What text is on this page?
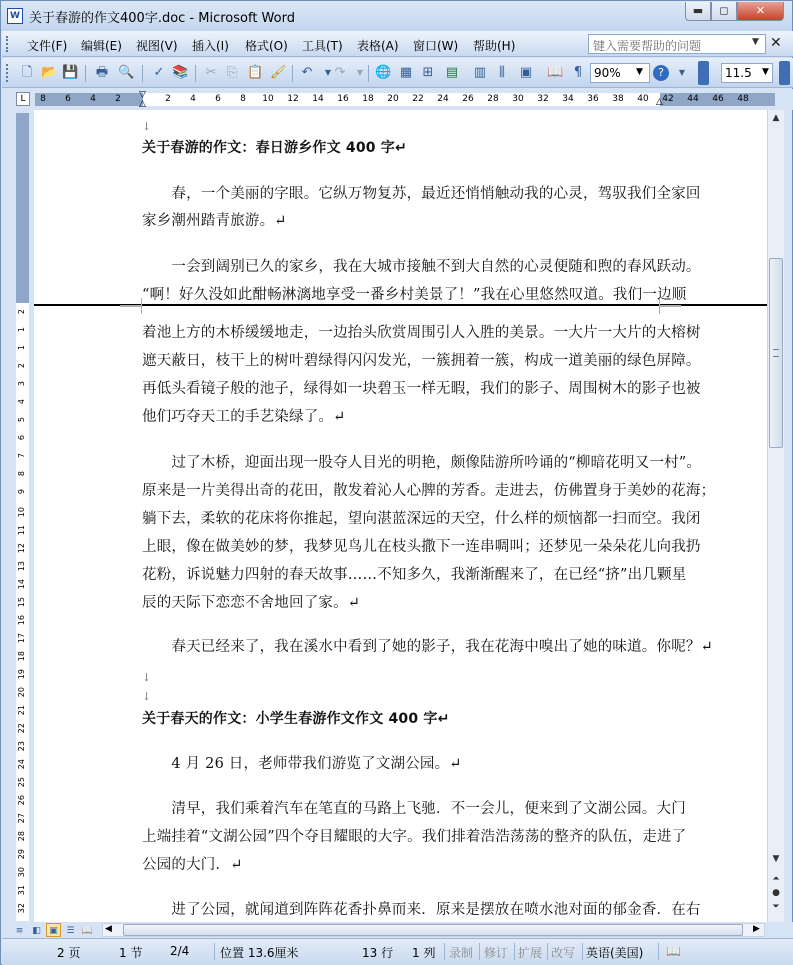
W 关于春游的作文400字.doc - Microsoft Word
▬	◻	✕
文件(F) 编辑(E) 视图(V) 插入(I) 格式(O) 工具(T) 表格(A) 窗口(W) 帮助(H)	键入需要帮助的问题	▼ ✕
🗋 📂 💾 🖶 🔍 ✓ 📚 ✂ ⎘ 📋 🖌 ↶	▼ ↷	▼ 🌐 ▦ ⊞ ▤ ▥ ⫼	▣ 📖 ¶ 90%	▼	?	▼	11.5	▼
L	8 6 4 2	2 4 6 8 10 12 14 16 18 20 22 24 26 28 30 32 34 36 38 40 42 44 46 48
▽
△	△
2
1
1
2
3
4
5
6
7
8
9
10
11
12
13
14
15
16
17
18
19
20
21
22
23
24
25
26
27
28
29
30
31
32
↓
关于春游的作文：春日游乡作文 400 字↵
　　春，一个美丽的字眼。它纵万物复苏，最近还悄悄触动我的心灵，驾驭我们全家回
家乡潮州踏青旅游。↵
　　一会到阔别已久的家乡，我在大城市接触不到大自然的心灵便随和煦的春风跃动。
“啊！好久没如此酣畅淋漓地享受一番乡村美景了！”我在心里悠然叹道。我们一边顺
着池上方的木桥缓缓地走，一边抬头欣赏周围引人入胜的美景。一大片一大片的大榕树
遮天蔽日，枝干上的树叶碧绿得闪闪发光，一簇拥着一簇，构成一道美丽的绿色屏障。
再低头看镜子般的池子，绿得如一块碧玉一样无暇，我们的影子、周围树木的影子也被
他们巧夺天工的手艺染绿了。↵
　　过了木桥，迎面出现一股夺人目光的明艳，颇像陆游所吟诵的“柳暗花明又一村”。
原来是一片美得出奇的花田，散发着沁人心脾的芳香。走进去，仿佛置身于美妙的花海；
躺下去，柔软的花床将你推起，望向湛蓝深远的天空，什么样的烦恼都一扫而空。我闭
上眼，像在做美妙的梦，我梦见鸟儿在枝头撒下一连串啁叫；还梦见一朵朵花儿向我扔
花粉，诉说魅力四射的春天故事……不知多久，我渐渐醒来了，在已经“挤”出几颗星
辰的天际下恋恋不舍地回了家。↵
　　春天已经来了，我在溪水中看到了她的影子，我在花海中嗅出了她的味道。你呢？↵
↓
↓
关于春天的作文：小学生春游作文作文 400 字↵
　　4 月 26 日，老师带我们游览了文湖公园。↵
　　清早，我们乘着汽车在笔直的马路上飞驰．不一会儿，便来到了文湖公园。大门
上端挂着“文湖公园”四个夺目耀眼的大字。我们排着浩浩荡荡的整齐的队伍，走进了
公园的大门．↵
　　进了公园，就闻道到阵阵花香扑鼻而来．原来是摆放在喷水池对面的郁金香．在右
▲
▼
⏶
●
⏷
≡ ◧ ▣ ☰ 📖 ◀	▶
2 页	1 节 2/4	位置 13.6厘米	13 行 1 列 录制 修订 扩展 改写 英语(美国) 📖
